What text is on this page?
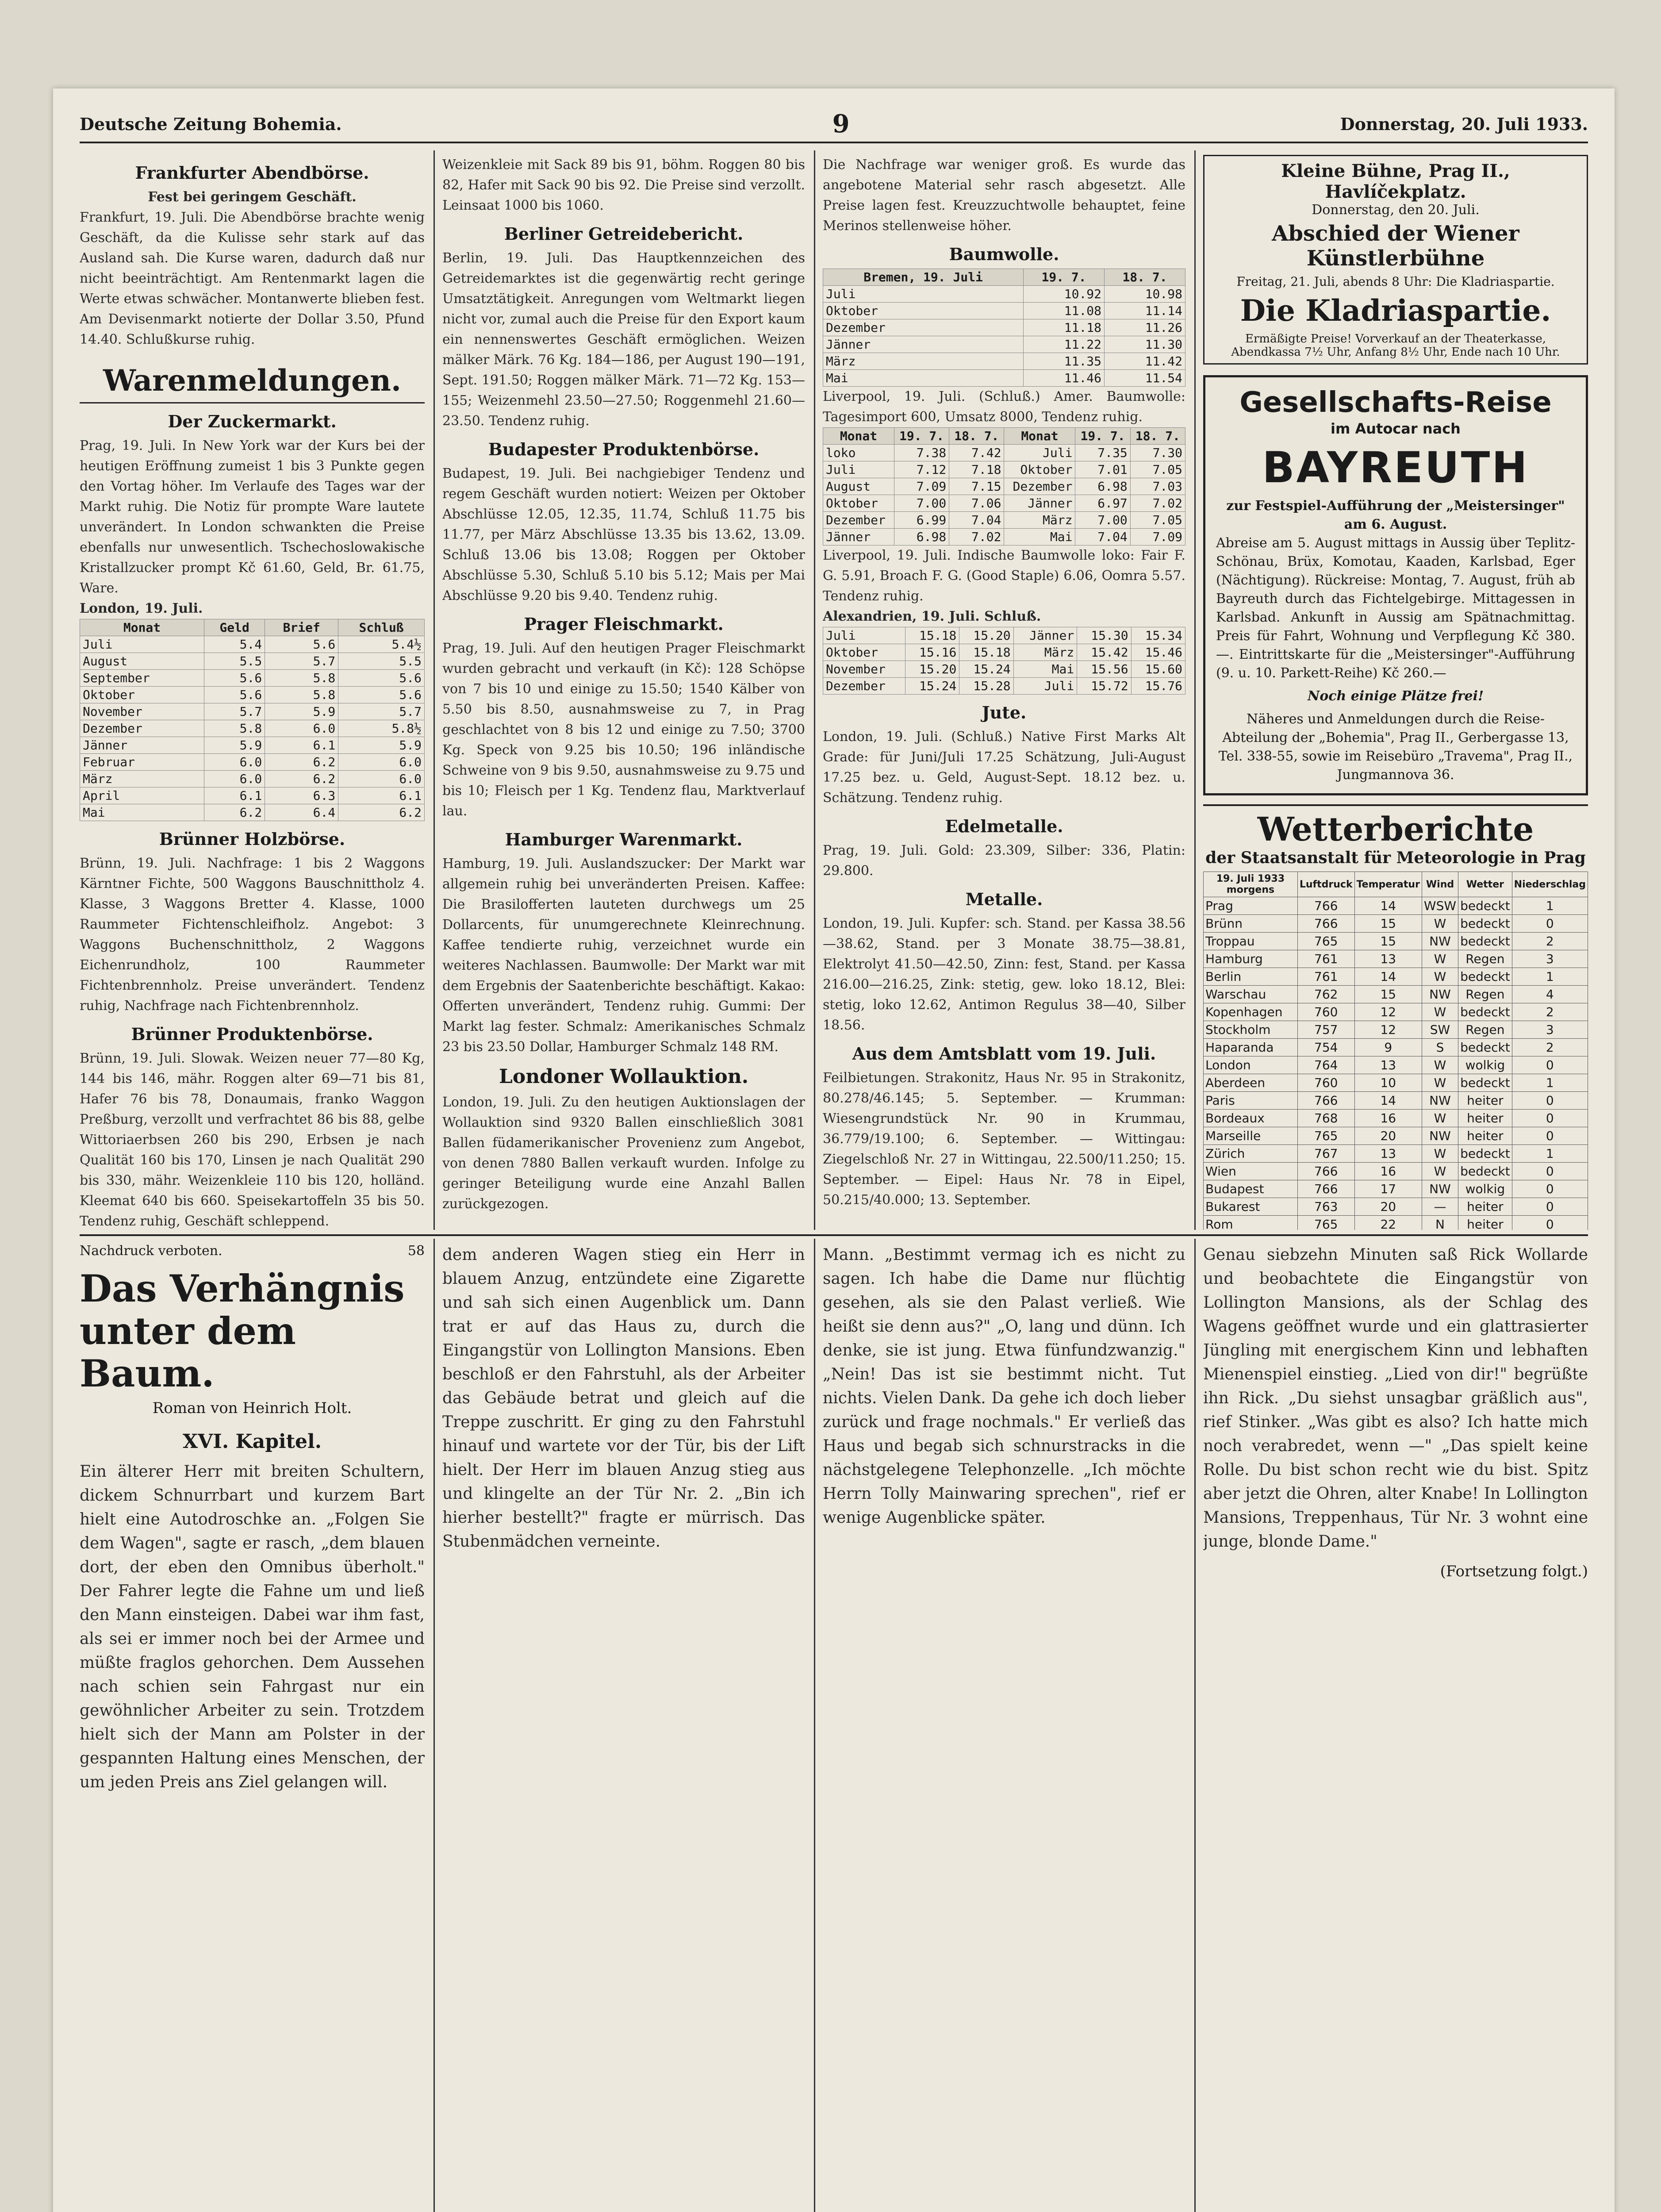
Deutsche Zeitung Bohemia.	9	Donnerstag, 20. Juli 1933.
Frankfurter Abendbörse.
Fest bei geringem Geschäft.
Frankfurt, 19. Juli. Die Abendbörse brachte wenig Geschäft, da die Kulisse sehr stark auf das Ausland sah. Die Kurse waren, dadurch daß nur nicht beeinträchtigt. Am Rentenmarkt lagen die Werte etwas schwächer. Montanwerte blieben fest. Am Devisenmarkt notierte der Dollar 3.50, Pfund 14.40. Schlußkurse ruhig.
Warenmeldungen.
Der Zuckermarkt.
Prag, 19. Juli. In New York war der Kurs bei der heutigen Eröffnung zumeist 1 bis 3 Punkte gegen den Vortag höher. Im Verlaufe des Tages war der Markt ruhig. Die Notiz für prompte Ware lautete unverändert. In London schwankten die Preise ebenfalls nur unwesentlich. Tschechoslowakische Kristallzucker prompt Kč 61.60, Geld, Br. 61.75, Ware.
London, 19. Juli.
Monat	Geld	Brief	Schluß
Juli	5.4	5.6	5.4½
August	5.5	5.7	5.5
September	5.6	5.8	5.6
Oktober	5.6	5.8	5.6
November	5.7	5.9	5.7
Dezember	5.8	6.0	5.8½
Jänner	5.9	6.1	5.9
Februar	6.0	6.2	6.0
März	6.0	6.2	6.0
April	6.1	6.3	6.1
Mai	6.2	6.4	6.2
Brünner Holzbörse.
Brünn, 19. Juli. Nachfrage: 1 bis 2 Waggons Kärntner Fichte, 500 Waggons Bauschnittholz 4. Klasse, 3 Waggons Bretter 4. Klasse, 1000 Raummeter Fichtenschleifholz. Angebot: 3 Waggons Buchenschnittholz, 2 Waggons Eichenrundholz, 100 Raummeter Fichtenbrennholz. Preise unverändert. Tendenz ruhig, Nachfrage nach Fichtenbrennholz.
Brünner Produktenbörse.
Brünn, 19. Juli. Slowak. Weizen neuer 77—80 Kg, 144 bis 146, mähr. Roggen alter 69—71 bis 81, Hafer 76 bis 78, Donaumais, franko Waggon Preßburg, verzollt und verfrachtet 86 bis 88, gelbe Wittoriaerbsen 260 bis 290, Erbsen je nach Qualität 160 bis 170, Linsen je nach Qualität 290 bis 330, mähr. Weizenkleie 110 bis 120, holländ. Kleemat 640 bis 660. Speisekartoffeln 35 bis 50. Tendenz ruhig, Geschäft schleppend.
Weizenkleie mit Sack 89 bis 91, böhm. Roggen 80 bis 82, Hafer mit Sack 90 bis 92. Die Preise sind verzollt. Leinsaat 1000 bis 1060.
Berliner Getreidebericht.
Berlin, 19. Juli. Das Hauptkennzeichen des Getreidemarktes ist die gegenwärtig recht geringe Umsatztätigkeit. Anregungen vom Weltmarkt liegen nicht vor, zumal auch die Preise für den Export kaum ein nennenswertes Geschäft ermöglichen. Weizen mälker Märk. 76 Kg. 184—186, per August 190—191, Sept. 191.50; Roggen mälker Märk. 71—72 Kg. 153—155; Weizenmehl 23.50—27.50; Roggenmehl 21.60—23.50. Tendenz ruhig.
Budapester Produktenbörse.
Budapest, 19. Juli. Bei nachgiebiger Tendenz und regem Geschäft wurden notiert: Weizen per Oktober Abschlüsse 12.05, 12.35, 11.74, Schluß 11.75 bis 11.77, per März Abschlüsse 13.35 bis 13.62, 13.09. Schluß 13.06 bis 13.08; Roggen per Oktober Abschlüsse 5.30, Schluß 5.10 bis 5.12; Mais per Mai Abschlüsse 9.20 bis 9.40. Tendenz ruhig.
Prager Fleischmarkt.
Prag, 19. Juli. Auf den heutigen Prager Fleischmarkt wurden gebracht und verkauft (in Kč): 128 Schöpse von 7 bis 10 und einige zu 15.50; 1540 Kälber von 5.50 bis 8.50, ausnahmsweise zu 7, in Prag geschlachtet von 8 bis 12 und einige zu 7.50; 3700 Kg. Speck von 9.25 bis 10.50; 196 inländische Schweine von 9 bis 9.50, ausnahmsweise zu 9.75 und bis 10; Fleisch per 1 Kg. Tendenz flau, Marktverlauf lau.
Hamburger Warenmarkt.
Hamburg, 19. Juli. Auslandszucker: Der Markt war allgemein ruhig bei unveränderten Preisen. Kaffee: Die Brasilofferten lauteten durchwegs um 25 Dollarcents, für unumgerechnete Kleinrechnung. Kaffee tendierte ruhig, verzeichnet wurde ein weiteres Nachlassen. Baumwolle: Der Markt war mit dem Ergebnis der Saatenberichte beschäftigt. Kakao: Offerten unverändert, Tendenz ruhig. Gummi: Der Markt lag fester. Schmalz: Amerikanisches Schmalz 23 bis 23.50 Dollar, Hamburger Schmalz 148 RM.
Londoner Wollauktion.
London, 19. Juli. Zu den heutigen Auktionslagen der Wollauktion sind 9320 Ballen einschließlich 3081 Ballen füdamerikanischer Provenienz zum Angebot, von denen 7880 Ballen verkauft wurden. Infolge zu geringer Beteiligung wurde eine Anzahl Ballen zurückgezogen.
Die Nachfrage war weniger groß. Es wurde das angebotene Material sehr rasch abgesetzt. Alle Preise lagen fest. Kreuzzuchtwolle behauptet, feine Merinos stellenweise höher.
Baumwolle.
Bremen, 19. Juli	19. 7.	18. 7.
Juli	10.92	10.98
Oktober	11.08	11.14
Dezember	11.18	11.26
Jänner	11.22	11.30
März	11.35	11.42
Mai	11.46	11.54
Liverpool, 19. Juli. (Schluß.) Amer. Baumwolle: Tagesimport 600, Umsatz 8000, Tendenz ruhig.
Monat	19. 7.	18. 7.	Monat	19. 7.	18. 7.
loko	7.38	7.42	Juli	7.35	7.30
Juli	7.12	7.18	Oktober	7.01	7.05
August	7.09	7.15	Dezember	6.98	7.03
Oktober	7.00	7.06	Jänner	6.97	7.02
Dezember	6.99	7.04	März	7.00	7.05
Jänner	6.98	7.02	Mai	7.04	7.09
Liverpool, 19. Juli. Indische Baumwolle loko: Fair F. G. 5.91, Broach F. G. (Good Staple) 6.06, Oomra 5.57. Tendenz ruhig.
Alexandrien, 19. Juli. Schluß.
Juli	15.18	15.20	Jänner	15.30	15.34
Oktober	15.16	15.18	März	15.42	15.46
November	15.20	15.24	Mai	15.56	15.60
Dezember	15.24	15.28	Juli	15.72	15.76
Jute.
London, 19. Juli. (Schluß.) Native First Marks Alt Grade: für Juni/Juli 17.25 Schätzung, Juli-August 17.25 bez. u. Geld, August-Sept. 18.12 bez. u. Schätzung. Tendenz ruhig.
Edelmetalle.
Prag, 19. Juli. Gold: 23.309, Silber: 336, Platin: 29.800.
Metalle.
London, 19. Juli. Kupfer: sch. Stand. per Kassa 38.56—38.62, Stand. per 3 Monate 38.75—38.81, Elektrolyt 41.50—42.50, Zinn: fest, Stand. per Kassa 216.00—216.25, Zink: stetig, gew. loko 18.12, Blei: stetig, loko 12.62, Antimon Regulus 38—40, Silber 18.56.
Aus dem Amtsblatt vom 19. Juli.
Feilbietungen. Strakonitz, Haus Nr. 95 in Strakonitz, 80.278/46.145; 5. September. — Krumman: Wiesengrundstück Nr. 90 in Krummau, 36.779/19.100; 6. September. — Wittingau: Ziegelschloß Nr. 27 in Wittingau, 22.500/11.250; 15. September. — Eipel: Haus Nr. 78 in Eipel, 50.215/40.000; 13. September.
Kleine Bühne, Prag II., Havlíčekplatz.
Donnerstag, den 20. Juli.
Abschied der Wiener Künstlerbühne
Freitag, 21. Juli, abends 8 Uhr: Die Kladriaspartie.
Die Kladriaspartie.
Ermäßigte Preise! Vorverkauf an der Theaterkasse, Abendkassa 7½ Uhr, Anfang 8½ Uhr, Ende nach 10 Uhr.
Gesellschafts-Reise
im Autocar nach
BAYREUTH
zur Festspiel-Aufführung der „Meistersinger" am 6. August.
Abreise am 5. August mittags in Aussig über Teplitz-Schönau, Brüx, Komotau, Kaaden, Karlsbad, Eger (Nächtigung). Rückreise: Montag, 7. August, früh ab Bayreuth durch das Fichtelgebirge. Mittagessen in Karlsbad. Ankunft in Aussig am Spätnachmittag. Preis für Fahrt, Wohnung und Verpflegung Kč 380.—. Eintrittskarte für die „Meistersinger"-Aufführung (9. u. 10. Parkett-Reihe) Kč 260.—
Noch einige Plätze frei!
Näheres und Anmeldungen durch die Reise-Abteilung der „Bohemia", Prag II., Gerbergasse 13, Tel. 338-55, sowie im Reisebüro „Travema", Prag II., Jungmannova 36.
Wetterberichte
der Staatsanstalt für Meteorologie in Prag
19. Juli 1933 morgens	Luftdruck	Temperatur	Wind	Wetter	Niederschlag
Prag	766	14	WSW	bedeckt	1
Brünn	766	15	W	bedeckt	0
Troppau	765	15	NW	bedeckt	2
Hamburg	761	13	W	Regen	3
Berlin	761	14	W	bedeckt	1
Warschau	762	15	NW	Regen	4
Kopenhagen	760	12	W	bedeckt	2
Stockholm	757	12	SW	Regen	3
Haparanda	754	9	S	bedeckt	2
London	764	13	W	wolkig	0
Aberdeen	760	10	W	bedeckt	1
Paris	766	14	NW	heiter	0
Bordeaux	768	16	W	heiter	0
Marseille	765	20	NW	heiter	0
Zürich	767	13	W	bedeckt	1
Wien	766	16	W	bedeckt	0
Budapest	766	17	NW	wolkig	0
Bukarest	763	20	—	heiter	0
Rom	765	22	N	heiter	0

Nachdruck verboten.	58
Das Verhängnis unter dem Baum.
Roman von Heinrich Holt.
XVI. Kapitel.
Ein älterer Herr mit breiten Schultern, dickem Schnurrbart und kurzem Bart hielt eine Autodroschke an. „Folgen Sie dem Wagen", sagte er rasch, „dem blauen dort, der eben den Omnibus überholt." Der Fahrer legte die Fahne um und ließ den Mann einsteigen. Dabei war ihm fast, als sei er immer noch bei der Armee und müßte fraglos gehorchen. Dem Aussehen nach schien sein Fahrgast nur ein gewöhnlicher Arbeiter zu sein. Trotzdem hielt sich der Mann am Polster in der gespannten Haltung eines Menschen, der um jeden Preis ans Ziel gelangen will.
dem anderen Wagen stieg ein Herr in blauem Anzug, entzündete eine Zigarette und sah sich einen Augenblick um. Dann trat er auf das Haus zu, durch die Eingangstür von Lollington Mansions. Eben beschloß er den Fahrstuhl, als der Arbeiter das Gebäude betrat und gleich auf die Treppe zuschritt. Er ging zu den Fahrstuhl hinauf und wartete vor der Tür, bis der Lift hielt. Der Herr im blauen Anzug stieg aus und klingelte an der Tür Nr. 2. „Bin ich hierher bestellt?" fragte er mürrisch. Das Stubenmädchen verneinte.
Mann. „Bestimmt vermag ich es nicht zu sagen. Ich habe die Dame nur flüchtig gesehen, als sie den Palast verließ. Wie heißt sie denn aus?" „O, lang und dünn. Ich denke, sie ist jung. Etwa fünfundzwanzig." „Nein! Das ist sie bestimmt nicht. Tut nichts. Vielen Dank. Da gehe ich doch lieber zurück und frage nochmals." Er verließ das Haus und begab sich schnurstracks in die nächstgelegene Telephonzelle. „Ich möchte Herrn Tolly Mainwaring sprechen", rief er wenige Augenblicke später.
Genau siebzehn Minuten saß Rick Wollarde und beobachtete die Eingangstür von Lollington Mansions, als der Schlag des Wagens geöffnet wurde und ein glattrasierter Jüngling mit energischem Kinn und lebhaften Mienenspiel einstieg. „Lied von dir!" begrüßte ihn Rick. „Du siehst unsagbar gräßlich aus", rief Stinker. „Was gibt es also? Ich hatte mich noch verabredet, wenn —" „Das spielt keine Rolle. Du bist schon recht wie du bist. Spitz aber jetzt die Ohren, alter Knabe! In Lollington Mansions, Treppenhaus, Tür Nr. 3 wohnt eine junge, blonde Dame."
(Fortsetzung folgt.)
